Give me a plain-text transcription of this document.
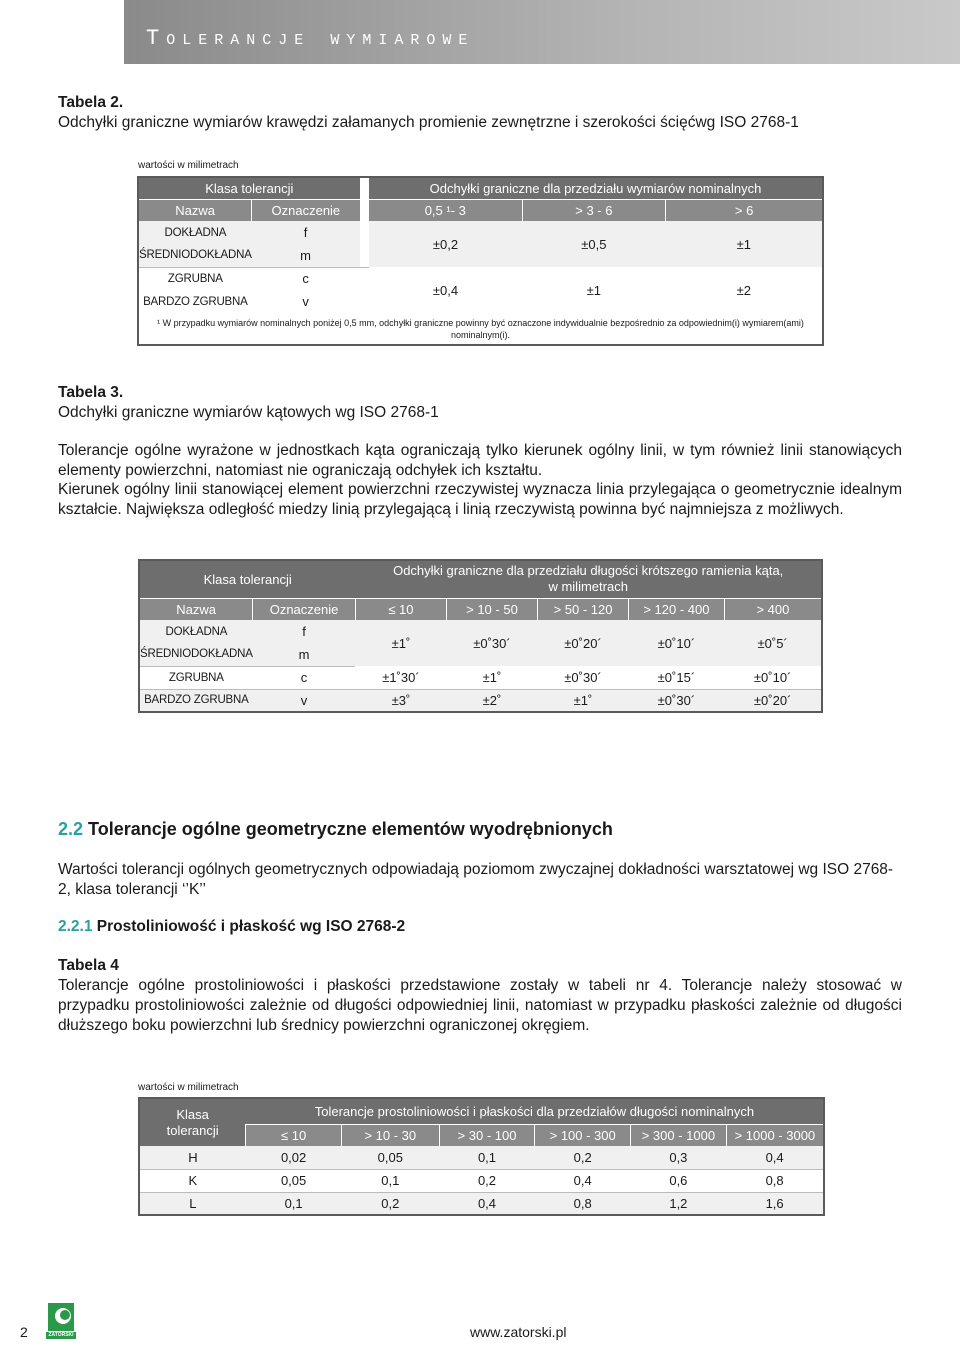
Tolerancje wymiarowe
Tabela 2.
Odchyłki graniczne wymiarów krawędzi załamanych promienie zewnętrzne i szerokości ścięćwg ISO 2768-1
wartości w milimetrach
Klasa tolerancji			Odchyłki graniczne dla przedziału wymiarów nominalnych		
Nazwa	Oznaczenie		0,5 ¹- 3	> 3 - 6	> 6
DOKŁADNA	f		±0,2	±0,5	±1
ŚREDNIODOKŁADNA	m				
ZGRUBNA	c		±0,4	±1	±2
BARDZO ZGRUBNA	v				

¹ W przypadku wymiarów nominalnych poniżej 0,5 mm, odchyłki graniczne powinny być oznaczone indywidualnie bezpośrednio za odpowiednim(i) wymiarem(ami)
nominalnym(i).					
Tabela 3.
Odchyłki graniczne wymiarów kątowych wg ISO 2768-1
Tolerancje ogólne wyrażone w jednostkach kąta ograniczają tylko kierunek ogólny linii, w tym również linii stanowiących elementy powierzchni, natomiast nie ograniczają odchyłek ich kształtu.
Kierunek ogólny linii stanowiącej element powierzchni rzeczywistej wyznacza linia przylegająca o geometrycznie idealnym kształcie. Największa odległość miedzy linią przylegającą i linią rzeczywistą powinna być najmniejsza z możliwych.
Klasa tolerancji		Odchyłki graniczne dla przedziału długości krótszego ramienia kąta,
w milimetrach				

Nazwa	Oznaczenie	≤ 10	> 10 - 50	> 50 - 120	> 120 - 400	> 400
DOKŁADNA	f	±1˚	±0˚30´	±0˚20´	±0˚10´	±0˚5´
ŚREDNIODOKŁADNA	m					
ZGRUBNA	c	±1˚30´	±1˚	±0˚30´	±0˚15´	±0˚10´
BARDZO ZGRUBNA	v	±3˚	±2˚	±1˚	±0˚30´	±0˚20´
2.2 Tolerancje ogólne geometryczne elementów wyodrębnionych
Wartości tolerancji ogólnych geometrycznych odpowiadają poziomom zwyczajnej dokładności warsztatowej wg ISO 2768-2, klasa tolerancji ‘’K’’
2.2.1 Prostoliniowość i płaskość wg ISO 2768-2
Tabela 4
Tolerancje ogólne prostoliniowości i płaskości przedstawione zostały w tabeli nr 4. Tolerancje należy stosować w przypadku prostoliniowości zależnie od długości odpowiedniej linii, natomiast w przypadku płaskości zależnie od długości dłuższego boku powierzchni lub średnicy powierzchni ograniczonej okręgiem.
wartości w milimetrach
Klasa
tolerancji	Tolerancje prostoliniowości i płaskości dla przedziałów długości nominalnych					
	≤ 10	> 10 - 30	> 30 - 100	> 100 - 300	> 300 - 1000	> 1000 - 3000
H	0,02	0,05	0,1	0,2	0,3	0,4
K	0,05	0,1	0,2	0,4	0,6	0,8
L	0,1	0,2	0,4	0,8	1,2	1,6
2	ZATORSKI	www.zatorski.pl
